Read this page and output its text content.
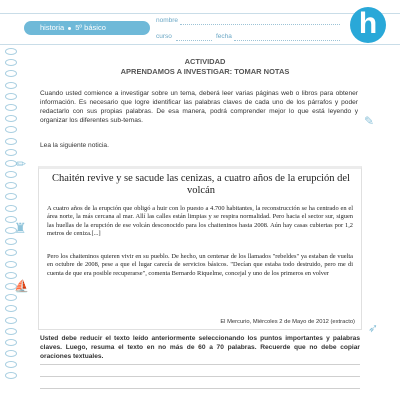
historia 5º básico
nombre
curso	fecha	h
✎
✏
♜
⛵
➶
ACTIVIDAD
APRENDAMOS A INVESTIGAR: TOMAR NOTAS
Cuando usted comience a investigar sobre un tema, deberá leer varias páginas web o libros para obtener información. Es necesario que logre identificar las palabras claves de cada uno de los párrafos y poder redactarlo con sus propias palabras. De esa manera, podrá comprender mejor lo que está leyendo y organizar los diferentes sub-temas.
Lea la siguiente noticia.
Chaitén revive y se sacude las cenizas, a cuatro años de la erupción del volcán
A cuatro años de la erupción que obligó a huir con lo puesto a 4.700 habitantes, la reconstrucción se ha centrado en el área norte, la más cercana al mar. Allí las calles están limpias y se respira normalidad. Pero hacia el sector sur, siguen las huellas de la erupción de ese volcán desconocido para los chaiteninos hasta 2008. Aún hay casas cubiertas por 1,2 metros de ceniza.[...]
Pero los chaiteninos quieren vivir en su pueblo. De hecho, un centenar de los llamados "rebeldes" ya estaban de vuelta en octubre de 2008, pese a que el lugar carecía de servicios básicos. "Decían que estaba todo destruido, pero me di cuenta de que era posible recuperarse", comenta Bernardo Riquelme, concejal y uno de los primeros en volver
El Mercurio, Miércoles 2 de Mayo de 2012 (extracto)
Usted debe reducir el texto leído anteriormente seleccionando los puntos importantes y palabras claves. Luego, resuma el texto en no más de 60 a 70 palabras. Recuerde que no debe copiar oraciones textuales.
